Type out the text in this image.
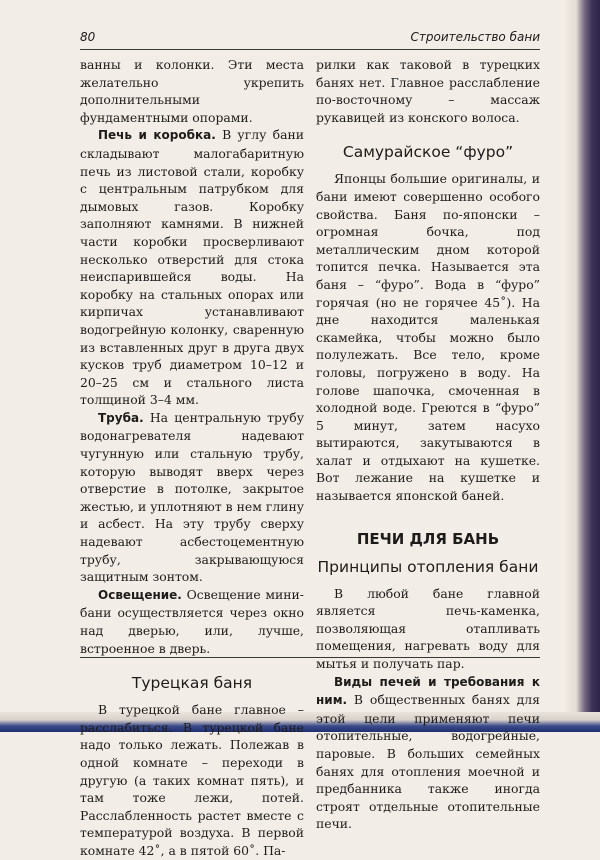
80	Строительство бани

ванны и колонки. Эти места желательно укрепить дополнительными фундаментными опорами.

Печь и коробка. В углу бани складывают малогабаритную печь из листовой стали, коробку с центральным патрубком для дымовых газов. Коробку заполняют камнями. В нижней части коробки просверливают несколько отверстий для стока неиспарившейся воды. На коробку на стальных опорах или кирпичах устанавливают водогрейную колонку, сваренную из вставленных друг в друга двух кусков труб диаметром 10–12 и 20–25 см и стального листа толщиной 3–4 мм.

Труба. На центральную трубу водонагревателя надевают чугунную или стальную трубу, которую выводят вверх через отверстие в потолке, закрытое жестью, и уплотняют в нем глину и асбест. На эту трубу сверху надевают асбестоцементную трубу, закрывающуюся защитным зонтом.

Освещение. Освещение мини-бани осуществляется через окно над дверью, или, лучше, встроенное в дверь.

Турецкая баня

В турецкой бане главное – расслабиться. В турецкой бане надо только лежать. Полежав в одной комнате – переходи в другую (а таких комнат пять), и там тоже лежи, потей. Расслабленность растет вместе с температурой воздуха. В первой комнате 42˚, а в пятой 60˚. Па-

рилки как таковой в турецких банях нет. Главное расслабление по-восточному – массаж рукавицей из конского волоса.

Самурайское “фуро”

Японцы большие оригиналы, и бани имеют совершенно особого свойства. Баня по-японски – огромная бочка, под металлическим дном которой топится печка. Называется эта баня – “фуро”. Вода в “фуро” горячая (но не горячее 45˚). На дне находится маленькая скамейка, чтобы можно было полулежать. Все тело, кроме головы, погружено в воду. На голове шапочка, смоченная в холодной воде. Греются в “фуро” 5 минут, затем насухо вытираются, закутываются в халат и отдыхают на кушетке. Вот лежание на кушетке и называется японской баней.

ПЕЧИ ДЛЯ БАНЬ
Принципы отопления бани

В любой бане главной является печь-каменка, позволяющая отапливать помещения, нагревать воду для мытья и получать пар.

Виды печей и требования к ним. В общественных банях для этой цели применяют печи отопительные, водогрейные, паровые. В больших семейных банях для отопления моечной и предбанника также иногда строят отдельные отопительные печи.
